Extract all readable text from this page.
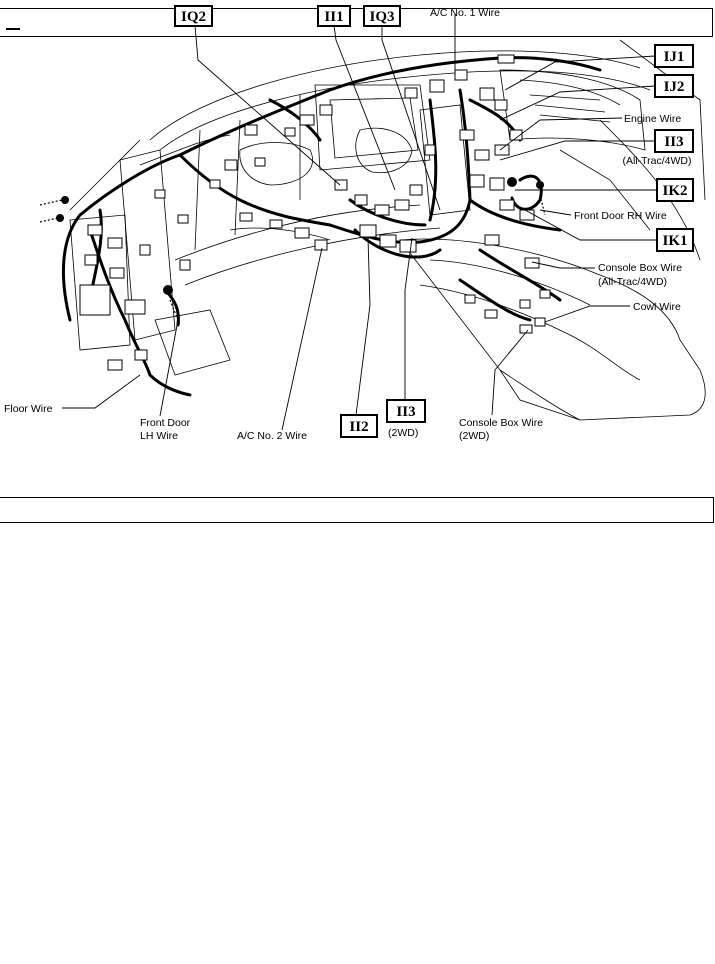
IQ2	II1 IQ3
IJ1
IJ2
II3
(All-Trac/4WD)
IK2
IK1
II2
II3
(2WD)
A/C No. 1 Wire
Engine Wire
Front Door RH Wire
Console Box Wire
(All-Trac/4WD)
Cowl Wire
Floor Wire
Front Door
LH Wire	A/C No. 2 Wire
Console Box Wire
(2WD)
